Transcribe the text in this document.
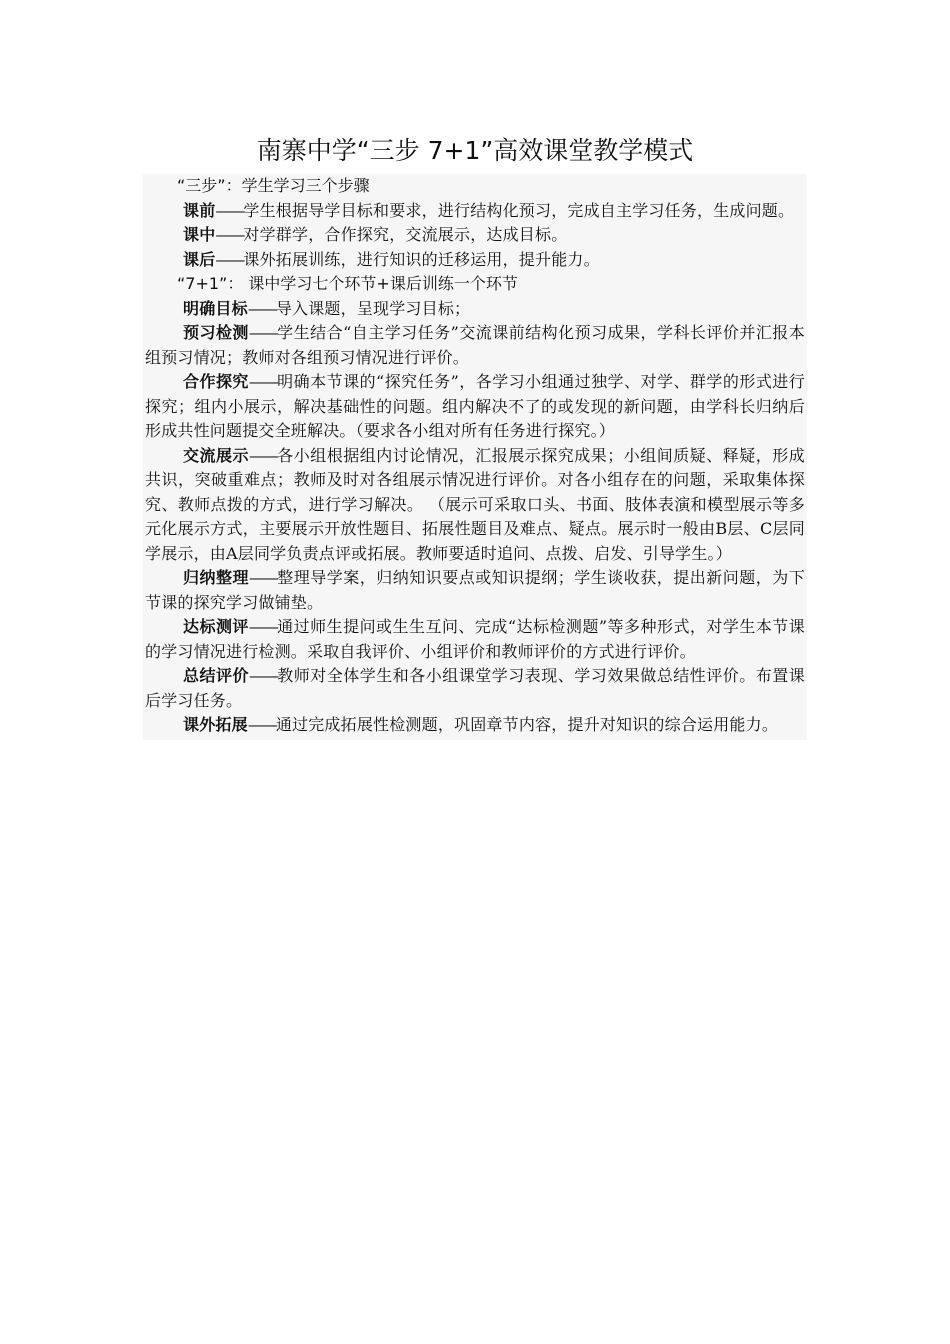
南寨中学“三步 7+1”高效课堂教学模式

“三步”：学生学习三个步骤

课前——学生根据导学目标和要求，进行结构化预习，完成自主学习任务，生成问题。

课中——对学群学，合作探究，交流展示，达成目标。

课后——课外拓展训练，进行知识的迁移运用，提升能力。

“7+1”： 课中学习七个环节+课后训练一个环节

明确目标——导入课题，呈现学习目标；

预习检测——学生结合“自主学习任务”交流课前结构化预习成果，学科长评价并汇报本组预习情况；教师对各组预习情况进行评价。

合作探究——明确本节课的“探究任务”，各学习小组通过独学、对学、群学的形式进行探究；组内小展示，解决基础性的问题。组内解决不了的或发现的新问题，由学科长归纳后形成共性问题提交全班解决。（要求各小组对所有任务进行探究。）

交流展示——各小组根据组内讨论情况，汇报展示探究成果；小组间质疑、释疑，形成共识，突破重难点；教师及时对各组展示情况进行评价。对各小组存在的问题，采取集体探究、教师点拨的方式，进行学习解决。 （展示可采取口头、书面、肢体表演和模型展示等多元化展示方式，主要展示开放性题目、拓展性题目及难点、疑点。展示时一般由B层、C层同学展示，由A层同学负责点评或拓展。教师要适时追问、点拨、启发、引导学生。）

归纳整理——整理导学案，归纳知识要点或知识提纲；学生谈收获，提出新问题，为下节课的探究学习做铺垫。

达标测评——通过师生提问或生生互问、完成“达标检测题”等多种形式，对学生本节课的学习情况进行检测。采取自我评价、小组评价和教师评价的方式进行评价。

总结评价——教师对全体学生和各小组课堂学习表现、学习效果做总结性评价。布置课后学习任务。

课外拓展——通过完成拓展性检测题，巩固章节内容，提升对知识的综合运用能力。
